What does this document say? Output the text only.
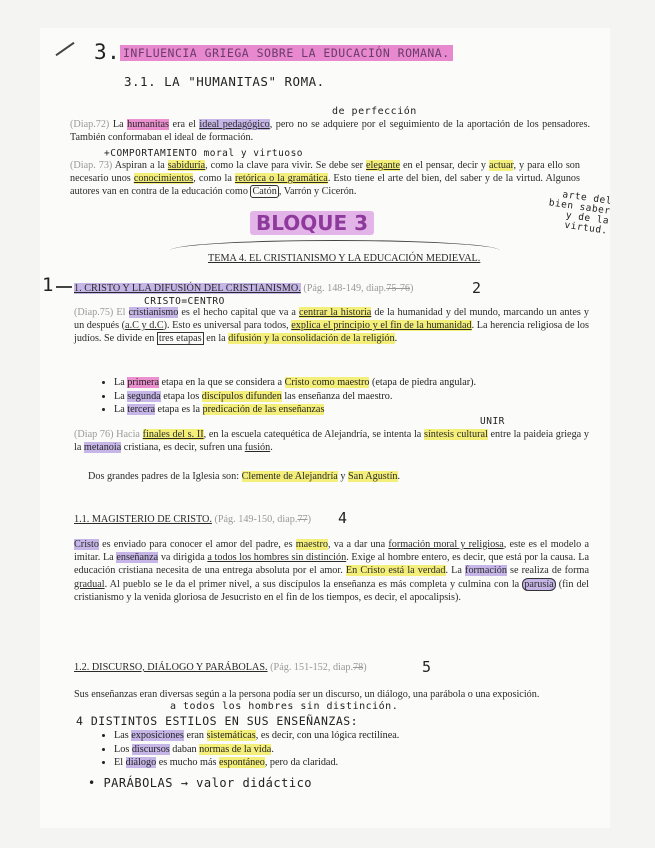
3. INFLUENCIA GRIEGA SOBRE LA EDUCACIÓN ROMANA.
3.1. LA "HUMANITAS" ROMA.
de perfección
(Diap.72) La humanitas era el ideal pedagógico, pero no se adquiere por el seguimiento de la aportación de los pensadores. También conformaban el ideal de formación.
+COMPORTAMIENTO moral y virtuoso
(Diap. 73) Aspiran a la sabiduría, como la clave para vivir. Se debe ser elegante en el pensar, decir y actuar, y para ello son necesario unos conocimientos, como la retórica o la gramática. Esto tiene el arte del bien, del saber y de la virtud. Algunos autores van en contra de la educación como Catón , Varrón y Cicerón.	arte del bien saber y de la virtud.
BLOQUE 3
TEMA 4. EL CRISTIANISMO Y LA EDUCACIÓN MEDIEVAL.
1 1. CRISTO Y LLA DIFUSIÓN DEL CRISTIANISMO. (Pág. 148-149, diap.75-76)	2
CRISTO=CENTRO
(Diap.75) El cristianismo es el hecho capital que va a centrar la historia de la humanidad y del mundo, marcando un antes y un después (a.C y d.C). Esto es universal para todos, explica el principio y el fin de la humanidad. La herencia religiosa de los judíos. Se divide en tres etapas en la difusión y la consolidación de la religión.
• La primera etapa en la que se considera a Cristo como maestro (etapa de piedra angular).
• La segunda etapa los discípulos difunden las enseñanza del maestro.
• La tercera etapa es la predicación de las enseñanzas
UNIR
(Diap 76) Hacia finales del s. II, en la escuela catequética de Alejandría, se intenta la síntesis cultural entre la paideia griega y la metanoia cristiana, es decir, sufren una fusión.
Dos grandes padres de la Iglesia son: Clemente de Alejandría y San Agustín.
1.1. MAGISTERIO DE CRISTO. (Pág. 149-150, diap.77) 4
Cristo es enviado para conocer el amor del padre, es maestro, va a dar una formación moral y religiosa, este es el modelo a imitar. La enseñanza va dirigida a todos los hombres sin distinción. Exige al hombre entero, es decir, que está por la causa. La educación cristiana necesita de una entrega absoluta por el amor. En Cristo está la verdad. La formación se realiza de forma gradual. Al pueblo se le da el primer nivel, a sus discípulos la enseñanza es más completa y culmina con la parusía (fin del cristianismo y la venida gloriosa de Jesucristo en el fin de los tiempos, es decir, el apocalipsis).
1.2. DISCURSO, DIÁLOGO Y PARÁBOLAS. (Pág. 151-152, diap.78)	5
Sus enseñanzas eran diversas según a la persona podía ser un discurso, un diálogo, una parábola o una exposición.
a todos los hombres sin distinción.
4 DISTINTOS ESTILOS EN SUS ENSEÑANZAS:
• Las exposiciones eran sistemáticas, es decir, con una lógica rectilínea.
• Los discursos daban normas de la vida.
• El diálogo es mucho más espontáneo, pero da claridad.
• PARÁBOLAS → valor didáctico
